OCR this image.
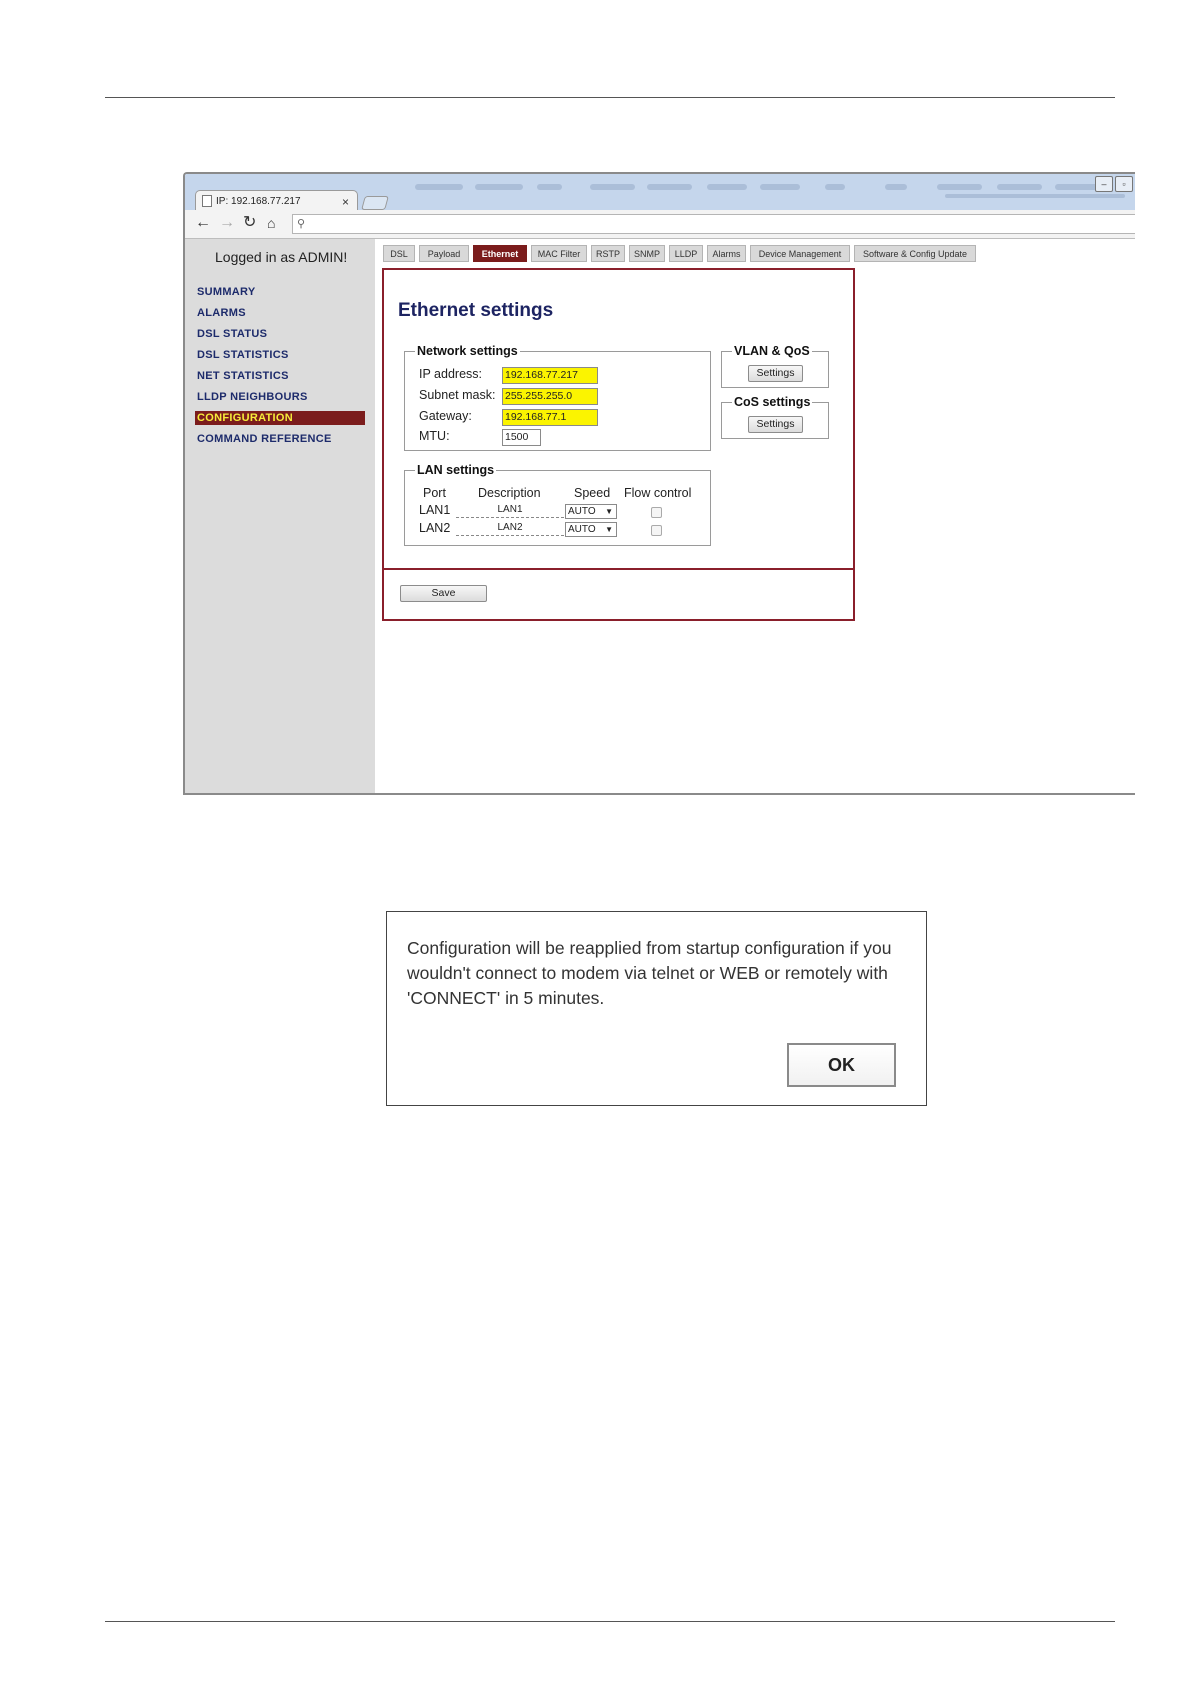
IP: 192.168.77.217	×
–	▫
← → ↻ ⌂ ⚲
Logged in as ADMIN!
SUMMARY
ALARMS
DSL STATUS
DSL STATISTICS
NET STATISTICS
LLDP NEIGHBOURS
CONFIGURATION
COMMAND REFERENCE
DSL	Payload	Ethernet	MAC Filter	RSTP	SNMP	LLDP	Alarms	Device Management	Software & Config Update
Ethernet settings
Network settings
IP address: 192.168.77.217
Subnet mask: 255.255.255.0
Gateway:	192.168.77.1
MTU:	1500
VLAN & QoS
Settings
CoS settings
Settings
LAN settings
Port	Description	Speed Flow control
LAN1	LAN1	AUTO ▼
LAN2	LAN2	AUTO ▼
Save
Configuration will be reapplied from startup configuration if you wouldn't connect to modem via telnet or WEB or remotely with 'CONNECT' in 5 minutes.
OK
